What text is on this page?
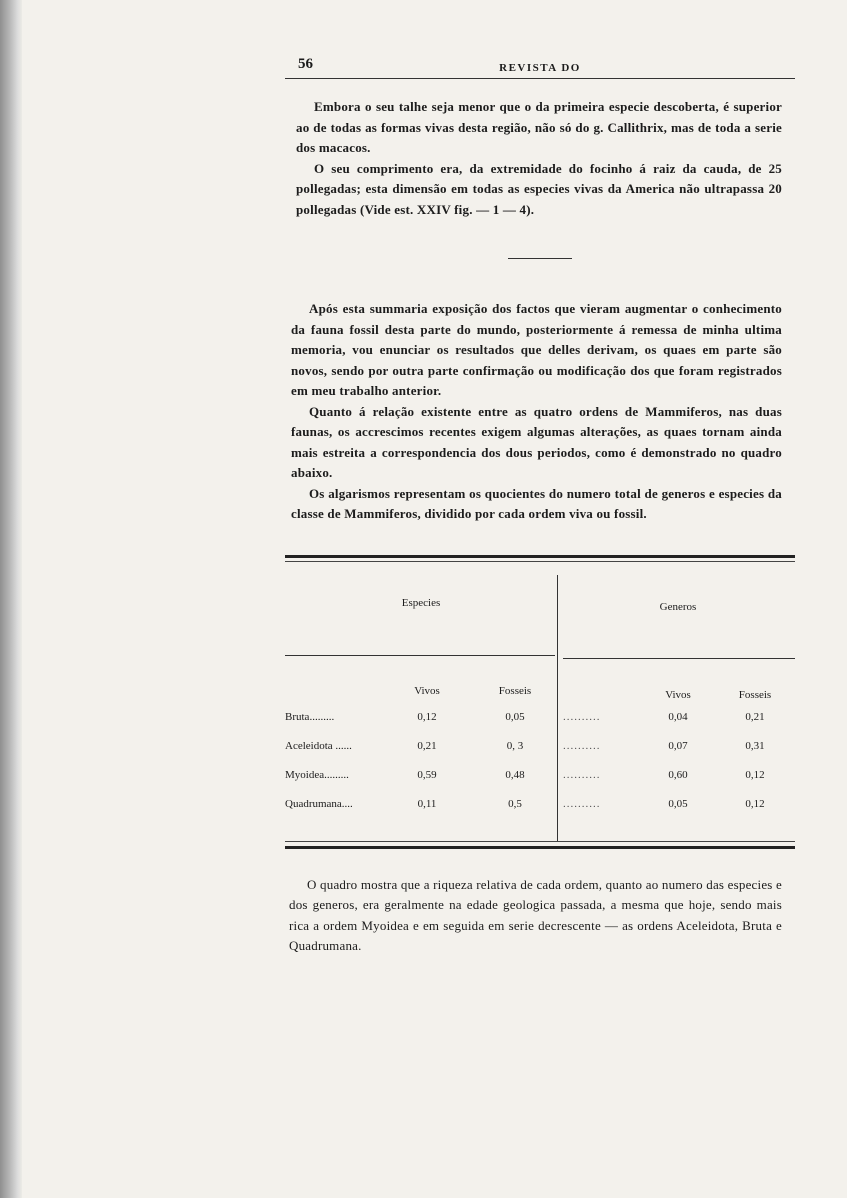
56	REVISTA DO

Embora o seu talhe seja menor que o da primeira especie descoberta, é superior ao de todas as formas vivas desta região, não só do g. Callithrix, mas de toda a serie dos macacos.

O seu comprimento era, da extremidade do focinho á raiz da cauda, de 25 pollegadas; esta dimensão em todas as especies vivas da America não ultrapassa 20 pollegadas (Vide est. XXIV fig. — 1 — 4).

Após esta summaria exposição dos factos que vieram augmentar o conhecimento da fauna fossil desta parte do mundo, posteriormente á remessa de minha ultima memoria, vou enunciar os resultados que delles derivam, os quaes em parte são novos, sendo por outra parte confirmação ou modificação dos que foram registrados em meu trabalho anterior.

Quanto á relação existente entre as quatro ordens de Mammiferos, nas duas faunas, os accrescimos recentes exigem algumas alterações, as quaes tornam ainda mais estreita a correspondencia dos dous periodos, como é demonstrado no quadro abaixo.

Os algarismos representam os quocientes do numero total de generos e especies da classe de Mammiferos, dividido por cada ordem viva ou fossil.

Especies	Generos
Vivos	Fosseis	Vivos	Fosseis
Bruta.........	0,12	0,05	..........	0,04	0,21
Aceleidota ......	0,21	0, 3	..........	0,07	0,31
Myoidea.........	0,59	0,48	..........	0,60	0,12
Quadrumana....	0,11	0,5	..........	0,05	0,12

O quadro mostra que a riqueza relativa de cada ordem, quanto ao numero das especies e dos generos, era geralmente na edade geologica passada, a mesma que hoje, sendo mais rica a ordem Myoidea e em seguida em serie decrescente — as ordens Aceleidota, Bruta e Quadrumana.
